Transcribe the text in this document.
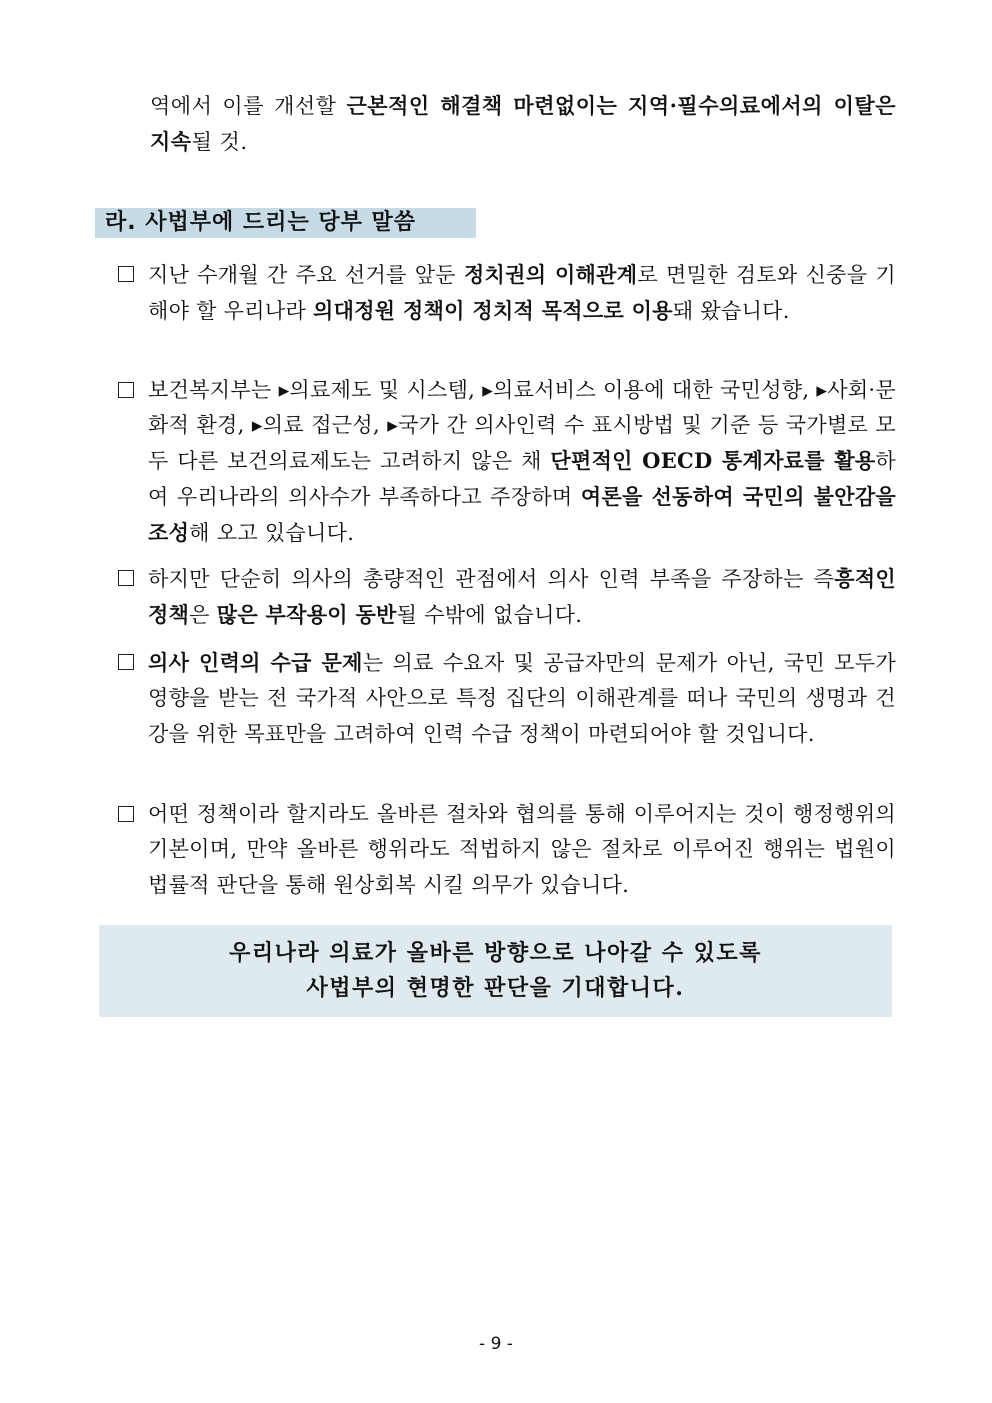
역에서 이를 개선할 근본적인 해결책 마련없이는 지역·필수의료에서의 이탈은 지속될 것.
라. 사법부에 드리는 당부 말씀
지난 수개월 간 주요 선거를 앞둔 정치권의 이해관계로 면밀한 검토와 신중을 기해야 할 우리나라 의대정원 정책이 정치적 목적으로 이용돼 왔습니다.
보건복지부는 ▸의료제도 및 시스템, ▸의료서비스 이용에 대한 국민성향, ▸사회·문화적 환경, ▸의료 접근성, ▸국가 간 의사인력 수 표시방법 및 기준 등 국가별로 모두 다른 보건의료제도는 고려하지 않은 채 단편적인 OECD 통계자료를 활용하여 우리나라의 의사수가 부족하다고 주장하며 여론을 선동하여 국민의 불안감을 조성해 오고 있습니다.
하지만 단순히 의사의 총량적인 관점에서 의사 인력 부족을 주장하는 즉흥적인 정책은 많은 부작용이 동반될 수밖에 없습니다.
의사 인력의 수급 문제는 의료 수요자 및 공급자만의 문제가 아닌, 국민 모두가 영향을 받는 전 국가적 사안으로 특정 집단의 이해관계를 떠나 국민의 생명과 건강을 위한 목표만을 고려하여 인력 수급 정책이 마련되어야 할 것입니다.
어떤 정책이라 할지라도 올바른 절차와 협의를 통해 이루어지는 것이 행정행위의 기본이며, 만약 올바른 행위라도 적법하지 않은 절차로 이루어진 행위는 법원이 법률적 판단을 통해 원상회복 시킬 의무가 있습니다.
우리나라 의료가 올바른 방향으로 나아갈 수 있도록
사법부의 현명한 판단을 기대합니다.
- 9 -
